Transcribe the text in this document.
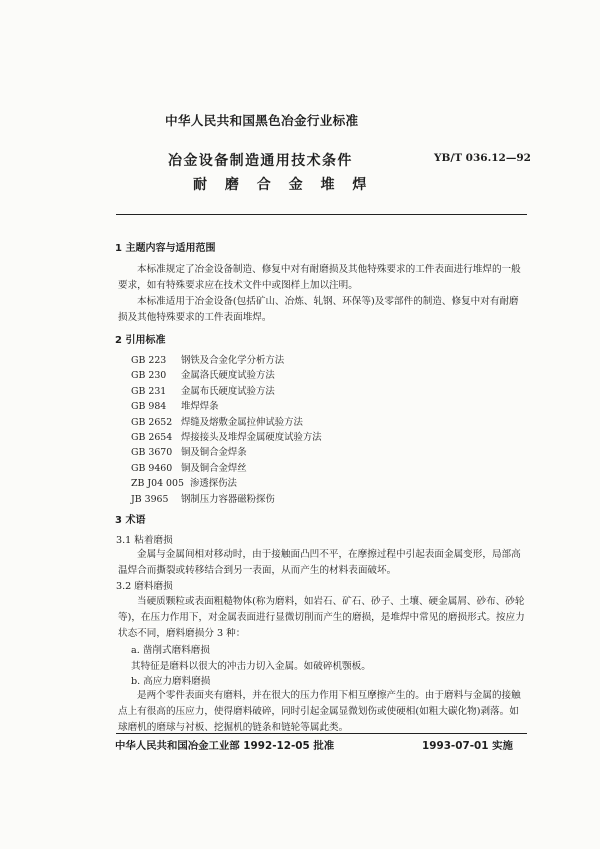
中华人民共和国黑色冶金行业标准
冶金设备制造通用技术条件	YB/T 036.12—92
耐 磨 合 金 堆 焊
1 主题内容与适用范围
本标准规定了冶金设备制造、修复中对有耐磨损及其他特殊要求的工件表面进行堆焊的一般要求，如有特殊要求应在技术文件中或图样上加以注明。
本标准适用于冶金设备(包括矿山、冶炼、轧钢、环保等)及零部件的制造、修复中对有耐磨损及其他特殊要求的工件表面堆焊。
2 引用标准
GB 223 钢铁及合金化学分析方法
GB 230 金属洛氏硬度试验方法
GB 231 金属布氏硬度试验方法
GB 984 堆焊焊条
GB 2652 焊缝及熔敷金属拉伸试验方法
GB 2654 焊接接头及堆焊金属硬度试验方法
GB 3670 铜及铜合金焊条
GB 9460 铜及铜合金焊丝
ZB J04 005 渗透探伤法
JB 3965 钢制压力容器磁粉探伤
3 术语
3.1 粘着磨损
金属与金属间相对移动时，由于接触面凸凹不平，在摩擦过程中引起表面金属变形，局部高温焊合而撕裂或转移结合到另一表面，从而产生的材料表面破坏。
3.2 磨料磨损
当硬质颗粒或表面粗糙物体(称为磨料，如岩石、矿石、砂子、土壤、硬金属屑、砂布、砂轮等)，在压力作用下，对金属表面进行显微切削而产生的磨损，是堆焊中常见的磨损形式。按应力状态不同，磨料磨损分 3 种：
a. 凿削式磨料磨损
其特征是磨料以很大的冲击力切入金属。如破碎机颚板。
b. 高应力磨料磨损
是两个零件表面夹有磨料，并在很大的压力作用下相互摩擦产生的。由于磨料与金属的接触点上有很高的压应力，使得磨料破碎，同时引起金属显微划伤或使硬相(如粗大碳化物)剥落。如球磨机的磨球与衬板、挖掘机的链条和链轮等属此类。
中华人民共和国冶金工业部 1992-12-05 批准	1993-07-01 实施
